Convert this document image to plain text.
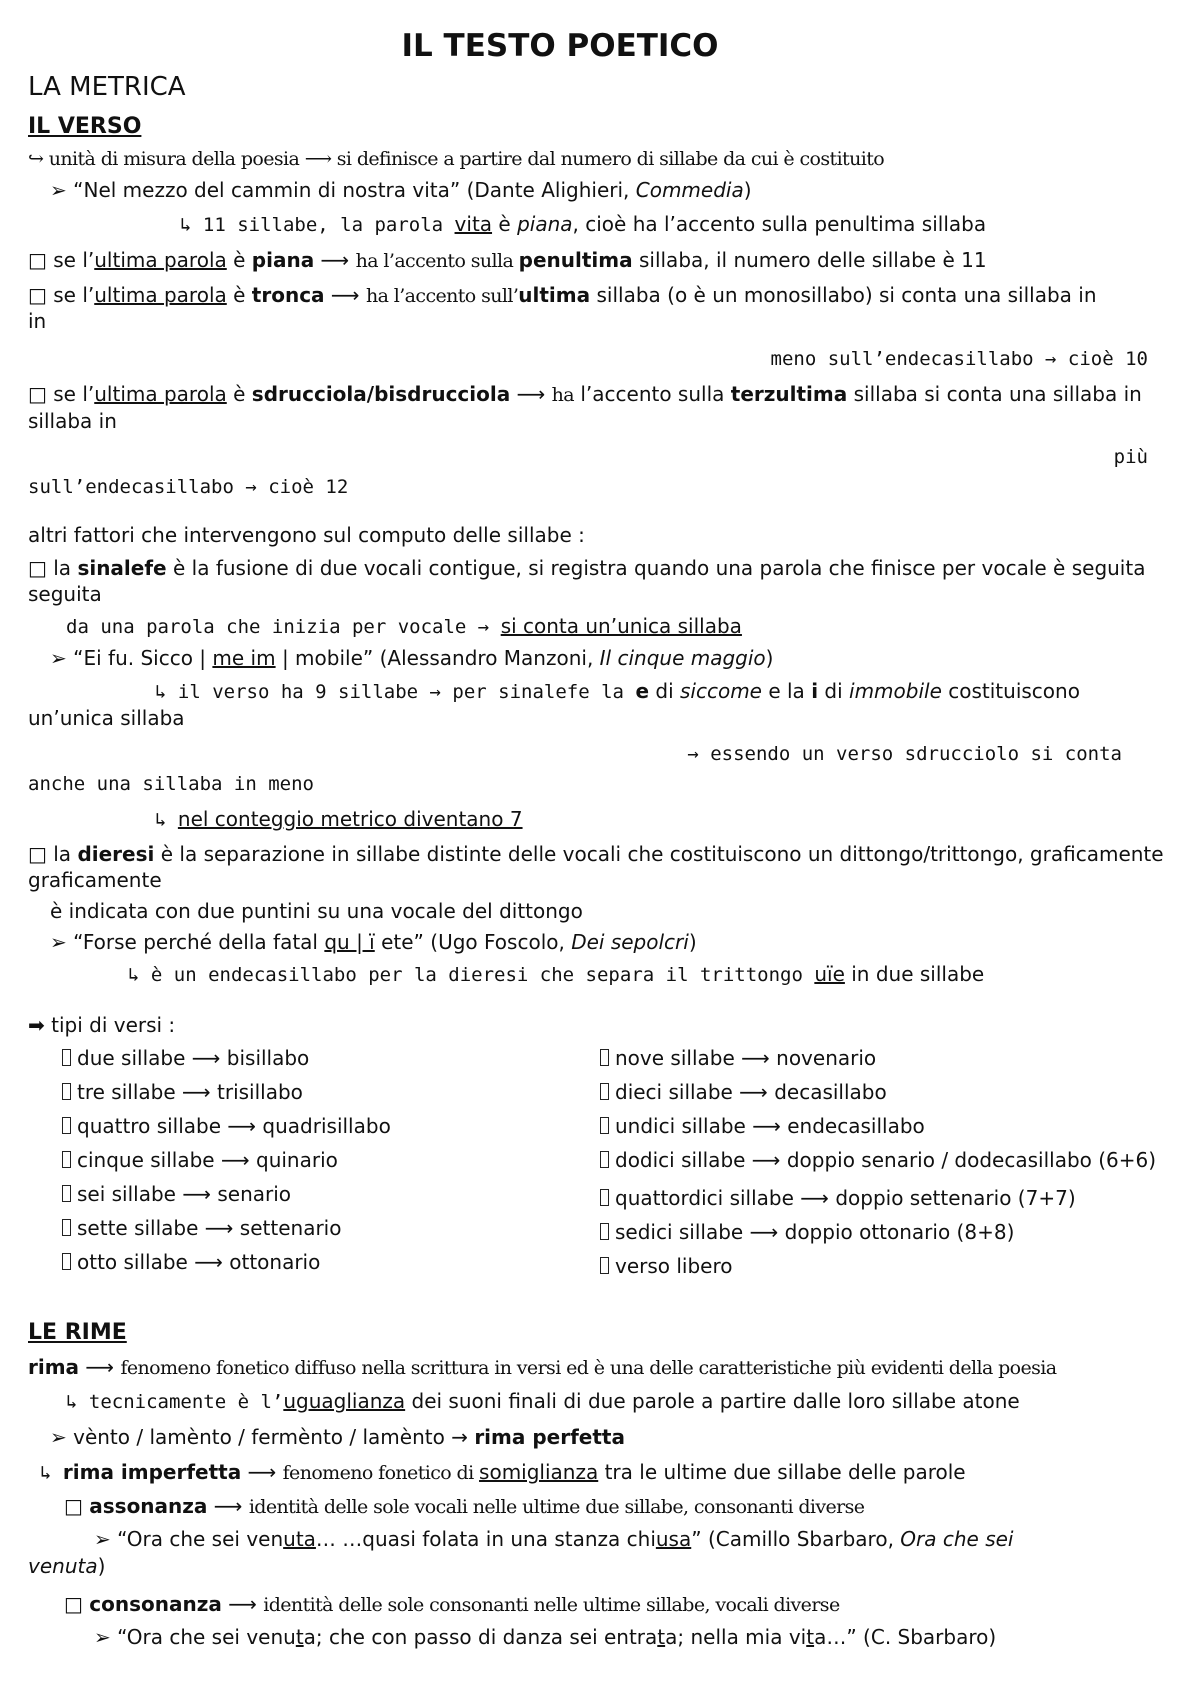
IL TESTO POETICO
LA METRICA
IL VERSO
↪ unità di misura della poesia ⟶ si definisce a partire dal numero di sillabe da cui è costituito
➢ “Nel mezzo del cammin di nostra vita” (Dante Alighieri, Commedia)
↳ 11 sillabe, la parola vita è piana, cioè ha l’accento sulla penultima sillaba
□ se l’ultima parola è piana ⟶ ha l’accento sulla penultima sillaba, il numero delle sillabe è 11
□ se l’ultima parola è tronca ⟶ ha l’accento sull’ultima sillaba (o è un monosillabo) si conta una sillaba in
in
meno sull’endecasillabo → cioè 10
□ se l’ultima parola è sdrucciola/bisdrucciola ⟶ ha l’accento sulla terzultima sillaba si conta una sillaba in
sillaba in
più
sull’endecasillabo → cioè 12
altri fattori che intervengono sul computo delle sillabe :
□ la sinalefe è la fusione di due vocali contigue, si registra quando una parola che finisce per vocale è seguita
seguita
da una parola che inizia per vocale → si conta un’unica sillaba
➢ “Ei fu. Sicco | me im | mobile” (Alessandro Manzoni, Il cinque maggio)
↳ il verso ha 9 sillabe → per sinalefe la e di siccome e la i di immobile costituiscono
un’unica sillaba
→ essendo un verso sdrucciolo si conta
anche una sillaba in meno
↳ nel conteggio metrico diventano 7
□ la dieresi è la separazione in sillabe distinte delle vocali che costituiscono un dittongo/trittongo, graficamente
graficamente
è indicata con due puntini su una vocale del dittongo
➢ “Forse perché della fatal qu | ï ete” (Ugo Foscolo, Dei sepolcri)
↳ è un endecasillabo per la dieresi che separa il trittongo uïe in due sillabe
➡ tipi di versi :
due sillabe ⟶ bisillabo
tre sillabe ⟶ trisillabo
quattro sillabe ⟶ quadrisillabo
cinque sillabe ⟶ quinario
sei sillabe ⟶ senario
sette sillabe ⟶ settenario
otto sillabe ⟶ ottonario
nove sillabe ⟶ novenario
dieci sillabe ⟶ decasillabo
undici sillabe ⟶ endecasillabo
dodici sillabe ⟶ doppio senario / dodecasillabo (6+6)
quattordici sillabe ⟶ doppio settenario (7+7)
sedici sillabe ⟶ doppio ottonario (8+8)
verso libero
LE RIME
rima ⟶ fenomeno fonetico diffuso nella scrittura in versi ed è una delle caratteristiche più evidenti della poesia
↳ tecnicamente è l’uguaglianza dei suoni finali di due parole a partire dalle loro sillabe atone
➢ vènto / lamènto / fermènto / lamènto → rima perfetta
↳ rima imperfetta ⟶ fenomeno fonetico di somiglianza tra le ultime due sillabe delle parole
□ assonanza ⟶ identità delle sole vocali nelle ultime due sillabe, consonanti diverse
➢ “Ora che sei venuta… …quasi folata in una stanza chiusa” (Camillo Sbarbaro, Ora che sei
venuta)
□ consonanza ⟶ identità delle sole consonanti nelle ultime sillabe, vocali diverse
➢ “Ora che sei venuta; che con passo di danza sei entrata; nella mia vita…” (C. Sbarbaro)
